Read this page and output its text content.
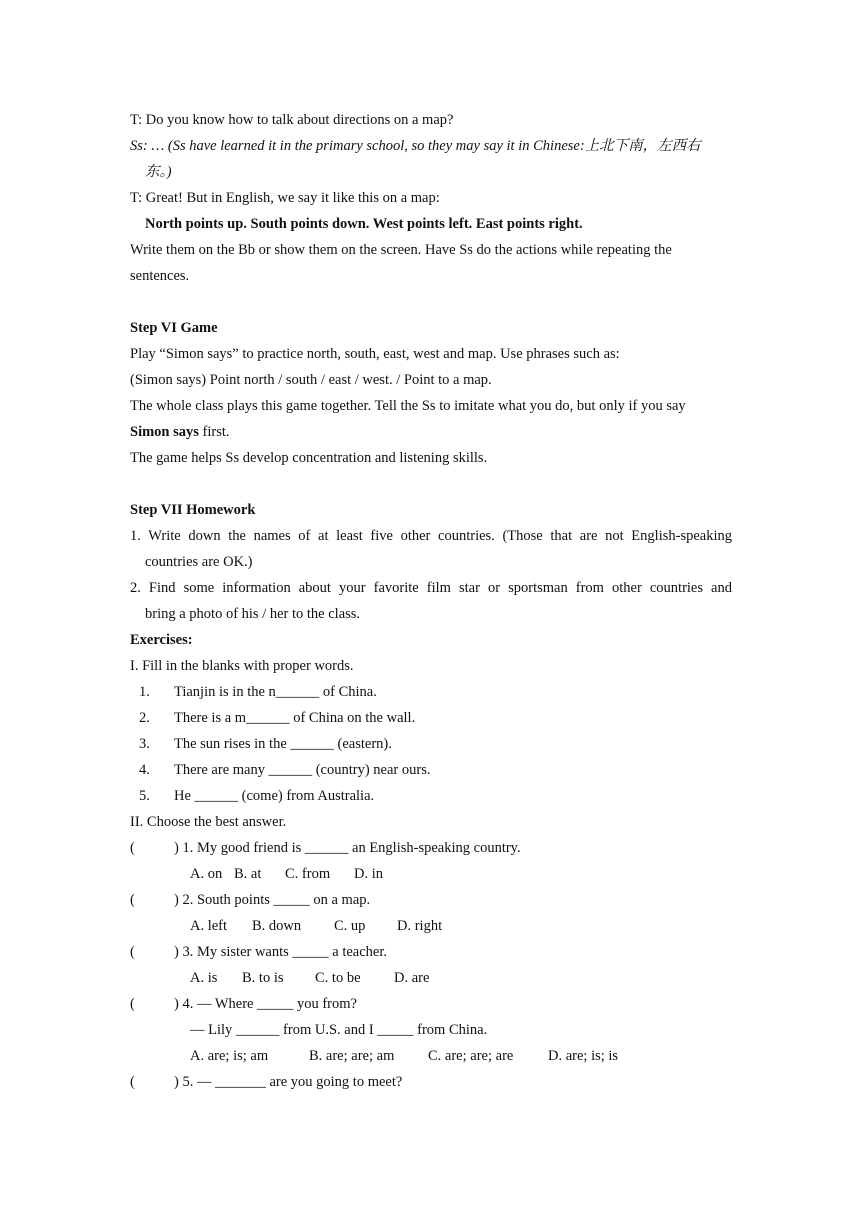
T: Do you know how to talk about directions on a map?
Ss: … (Ss have learned it in the primary school, so they may say it in Chinese:上北下南，左西右
东。)
T: Great! But in English, we say it like this on a map:
North points up. South points down. West points left. East points right.
Write them on the Bb or show them on the screen. Have Ss do the actions while repeating the
sentences.
Step VI Game
Play “Simon says” to practice north, south, east, west and map. Use phrases such as:
(Simon says) Point north / south / east / west. / Point to a map.
The whole class plays this game together. Tell the Ss to imitate what you do, but only if you say
Simon says first.
The game helps Ss develop concentration and listening skills.
Step VII Homework
1. Write down the names of at least five other countries. (Those that are not English-speaking
countries are OK.)
2. Find some information about your favorite film star or sportsman from other countries and
bring a photo of his / her to the class.
Exercises:
I. Fill in the blanks with proper words.
1. Tianjin is in the n______ of China.
2. There is a m______ of China on the wall.
3. The sun rises in the ______ (eastern).
4. There are many ______ (country) near ours.
5. He ______ (come) from Australia.
II. Choose the best answer.
(	) 1. My good friend is ______ an English-speaking country.
A. on B. at C. from D. in
(	) 2. South points _____ on a map.
A. left B. down C. up D. right
(	) 3. My sister wants _____ a teacher.
A. is B. to is C. to be D. are
(	) 4. — Where _____ you from?
— Lily ______ from U.S. and I _____ from China.
A. are; is; am	B. are; are; am C. are; are; are D. are; is; is
(	) 5. — _______ are you going to meet?
